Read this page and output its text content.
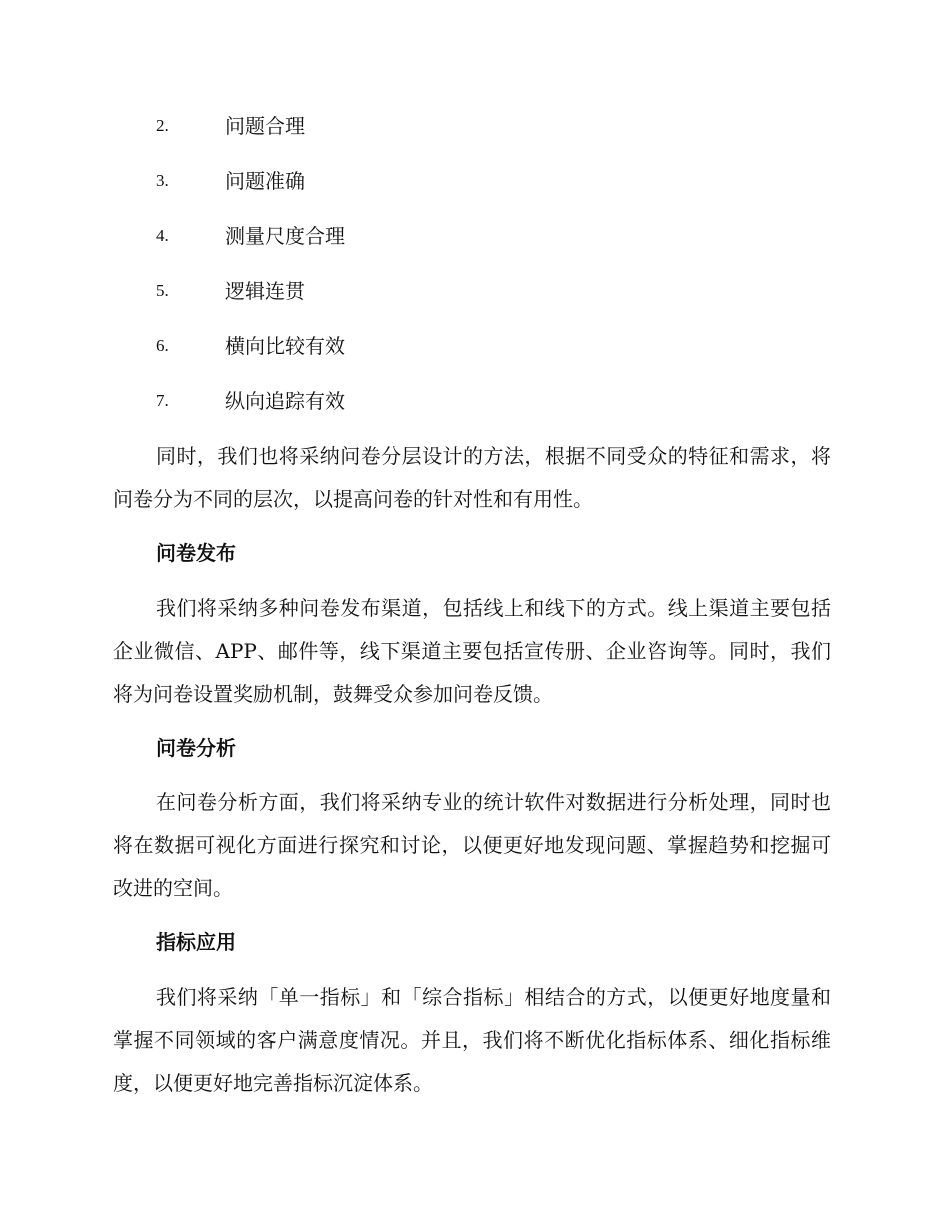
2.	问题合理
3.	问题准确
4.	测量尺度合理
5.	逻辑连贯
6.	横向比较有效
7.	纵向追踪有效

同时，我们也将采纳问卷分层设计的方法，根据不同受众的特征和需求，将问卷分为不同的层次，以提高问卷的针对性和有用性。

问卷发布

我们将采纳多种问卷发布渠道，包括线上和线下的方式。线上渠道主要包括企业微信、APP、邮件等，线下渠道主要包括宣传册、企业咨询等。同时，我们将为问卷设置奖励机制，鼓舞受众参加问卷反馈。

问卷分析

在问卷分析方面，我们将采纳专业的统计软件对数据进行分析处理，同时也将在数据可视化方面进行探究和讨论，以便更好地发现问题、掌握趋势和挖掘可改进的空间。

指标应用

我们将采纳「单一指标」和「综合指标」相结合的方式，以便更好地度量和掌握不同领域的客户满意度情况。并且，我们将不断优化指标体系、细化指标维度，以便更好地完善指标沉淀体系。
